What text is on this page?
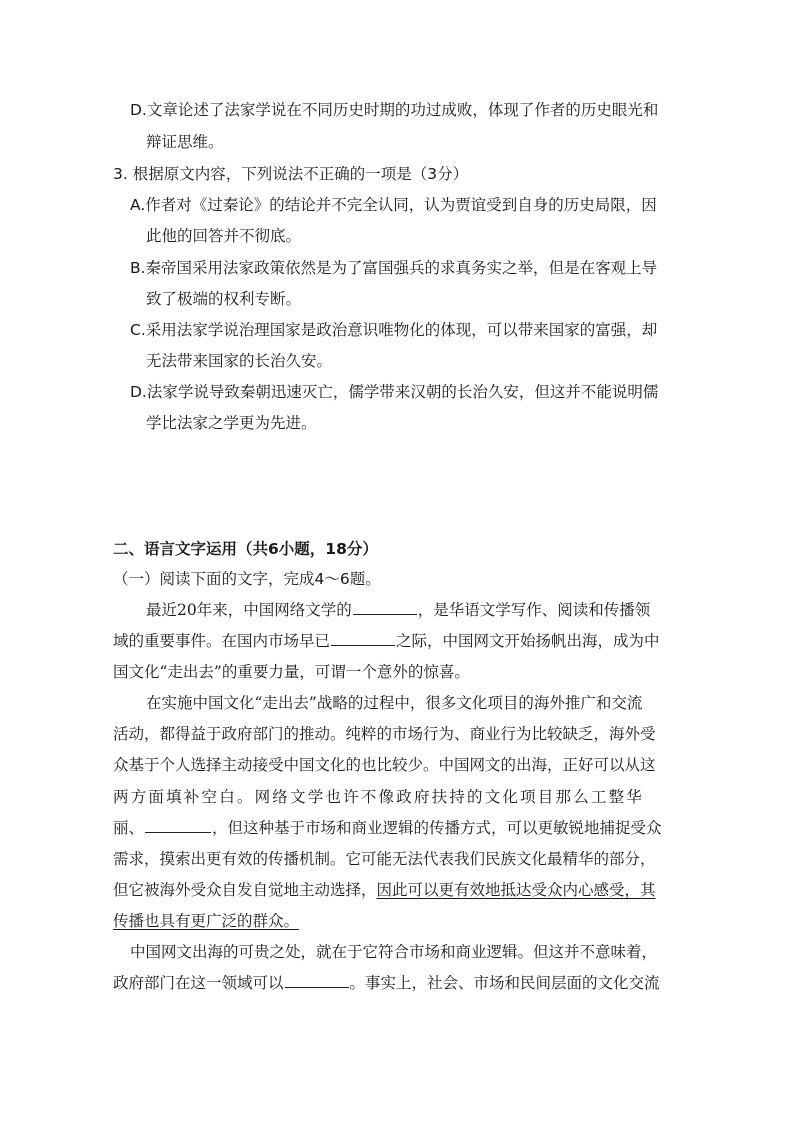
D.文章论述了法家学说在不同历史时期的功过成败，体现了作者的历史眼光和
辩证思维。
3. 根据原文内容，下列说法不正确的一项是（3分）
A.作者对《过秦论》的结论并不完全认同，认为贾谊受到自身的历史局限，因
此他的回答并不彻底。
B.秦帝国采用法家政策依然是为了富国强兵的求真务实之举，但是在客观上导
致了极端的权利专断。
C.采用法家学说治理国家是政治意识唯物化的体现，可以带来国家的富强，却
无法带来国家的长治久安。
D.法家学说导致秦朝迅速灭亡，儒学带来汉朝的长治久安，但这并不能说明儒
学比法家之学更为先进。
二、语言文字运用（共6小题，18分）
（一）阅读下面的文字，完成4～6题。
最近20年来，中国网络文学的	，是华语文学写作、阅读和传播领
域的重要事件。在国内市场早已	之际，中国网文开始扬帆出海，成为中
国文化“走出去”的重要力量，可谓一个意外的惊喜。
在实施中国文化“走出去”战略的过程中，很多文化项目的海外推广和交流
活动，都得益于政府部门的推动。纯粹的市场行为、商业行为比较缺乏，海外受
众基于个人选择主动接受中国文化的也比较少。中国网文的出海，正好可以从这
两方面填补空白。网络文学也许不像政府扶持的文化项目那么工整华
丽、	，但这种基于市场和商业逻辑的传播方式，可以更敏锐地捕捉受众
需求，摸索出更有效的传播机制。它可能无法代表我们民族文化最精华的部分，
但它被海外受众自发自觉地主动选择，因此可以更有效地抵达受众内心感受，其
传播也具有更广泛的群众。
中国网文出海的可贵之处，就在于它符合市场和商业逻辑。但这并不意味着，
政府部门在这一领域可以	。事实上，社会、市场和民间层面的文化交流
